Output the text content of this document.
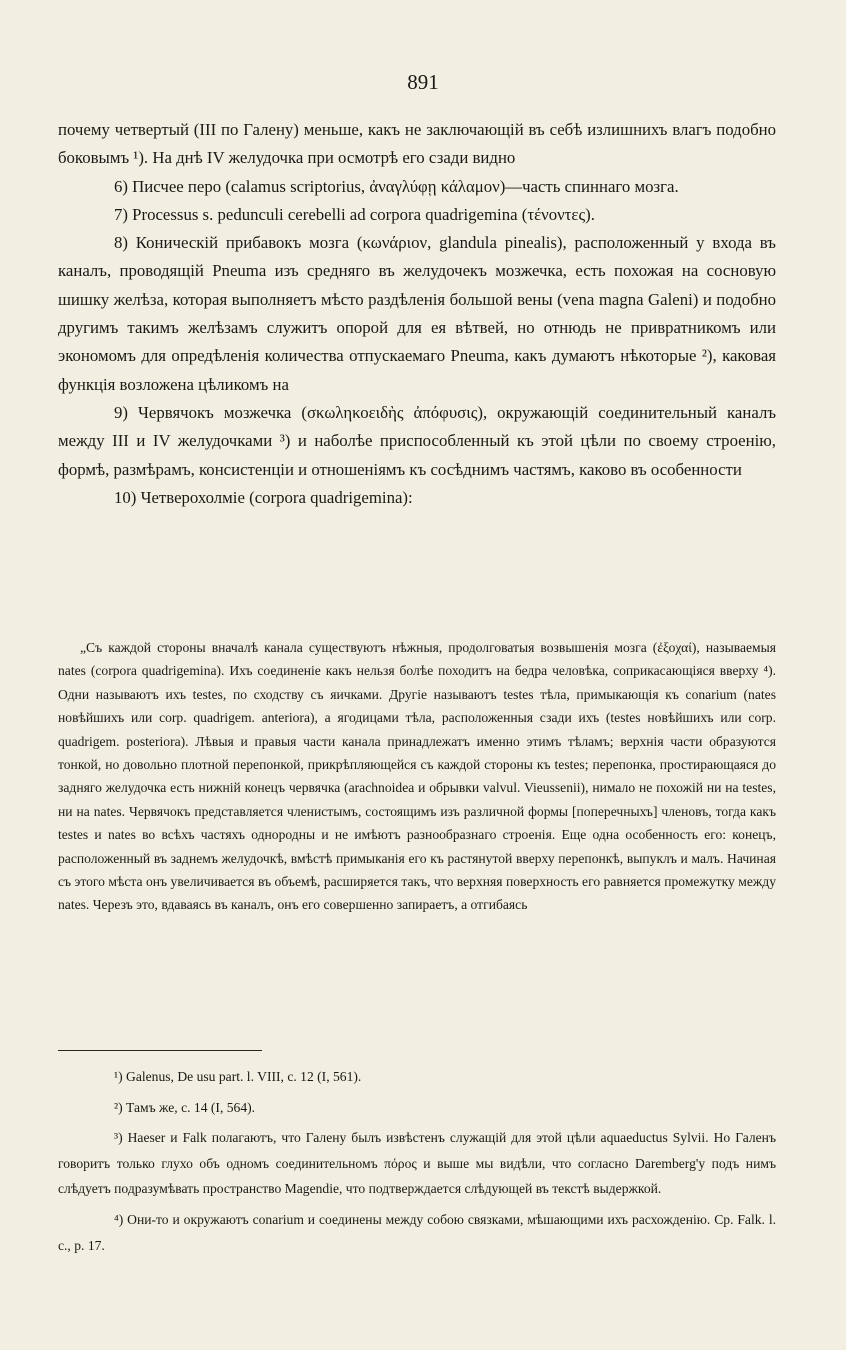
891

почему четвертый (III по Галену) меньше, какъ не заключающій въ себѣ излишнихъ влагъ подобно боковымъ ¹). На днѣ IV желудочка при осмотрѣ его сзади видно

6) Писчее перо (calamus scriptorius, ἀναγλύφῃ κάλαμον)—часть спиннаго мозга.

7) Processus s. pedunculi cerebelli ad corpora quadrigemina (τένοντες).

8) Коническій прибавокъ мозга (κωνάριον, glandula pinealis), расположенный у входа въ каналъ, проводящій Pneuma изъ средняго въ желудочекъ мозжечка, есть похожая на сосновую шишку желѣза, которая выполняетъ мѣсто раздѣленія большой вены (vena magna Galeni) и подобно другимъ такимъ желѣзамъ служитъ опорой для ея вѣтвей, но отнюдь не привратникомъ или экономомъ для опредѣленія количества отпускаемаго Pneuma, какъ думаютъ нѣкоторые ²), каковая функція возложена цѣликомъ на

9) Червячокъ мозжечка (σκωληκοειδὴς ἀπόφυσις), окружающій соединительный каналъ между III и IV желудочками ³) и наболѣе приспособленный къ этой цѣли по своему строенію, формѣ, размѣрамъ, консистенціи и отношеніямъ къ сосѣднимъ частямъ, каково въ особенности

10) Четверохолміе (corpora quadrigemina):

„Съ каждой стороны вначалѣ канала существуютъ нѣжныя, продолговатыя возвышенія мозга (ἐξοχαί), называемыя nates (corpora quadrigemina). Ихъ соединеніе какъ нельзя болѣе походитъ на бедра человѣка, соприкасающіяся вверху ⁴). Одни называютъ ихъ testes, по сходству съ яичками. Другіе называютъ testes тѣла, примыкающія къ conarium (nates новѣйшихъ или corp. quadrigem. anteriora), а ягодицами тѣла, расположенныя сзади ихъ (testes новѣйшихъ или corp. quadrigem. posteriora). Лѣвыя и правыя части канала принадлежатъ именно этимъ тѣламъ; верхнія части образуются тонкой, но довольно плотной перепонкой, прикрѣпляющейся съ каждой стороны къ testes; перепонка, простирающаяся до задняго желудочка есть нижній конецъ червячка (arachnoidea и обрывки valvul. Vieussenii), нимало не похожій ни на testes, ни на nates. Червячокъ представляется членистымъ, состоящимъ изъ различной формы [поперечныхъ] членовъ, тогда какъ testes и nates во всѣхъ частяхъ однородны и не имѣютъ разнообразнаго строенія. Еще одна особенность его: конецъ, расположенный въ заднемъ желудочкѣ, вмѣстѣ примыканія его къ растянутой вверху перепонкѣ, выпуклъ и малъ. Начиная съ этого мѣста онъ увеличивается въ объемѣ, расширяется такъ, что верхняя поверхность его равняется промежутку между nates. Черезъ это, вдаваясь въ каналъ, онъ его совершенно запираетъ, а отгибаясь

¹) Galenus, De usu part. l. VIII, c. 12 (I, 561).

²) Тамъ же, с. 14 (I, 564).

³) Haeser и Falk полагаютъ, что Галену былъ извѣстенъ служащій для этой цѣли aquaeductus Sylvii. Но Галенъ говоритъ только глухо объ одномъ соединительномъ πόρος и выше мы видѣли, что согласно Daremberg'у подъ нимъ слѣдуетъ подразумѣвать пространство Magendie, что подтверждается слѣдующей въ текстѣ выдержкой.

⁴) Они-то и окружаютъ conarium и соединены между собою связками, мѣшающими ихъ расхожденію. Ср. Falk. l. c., p. 17.
